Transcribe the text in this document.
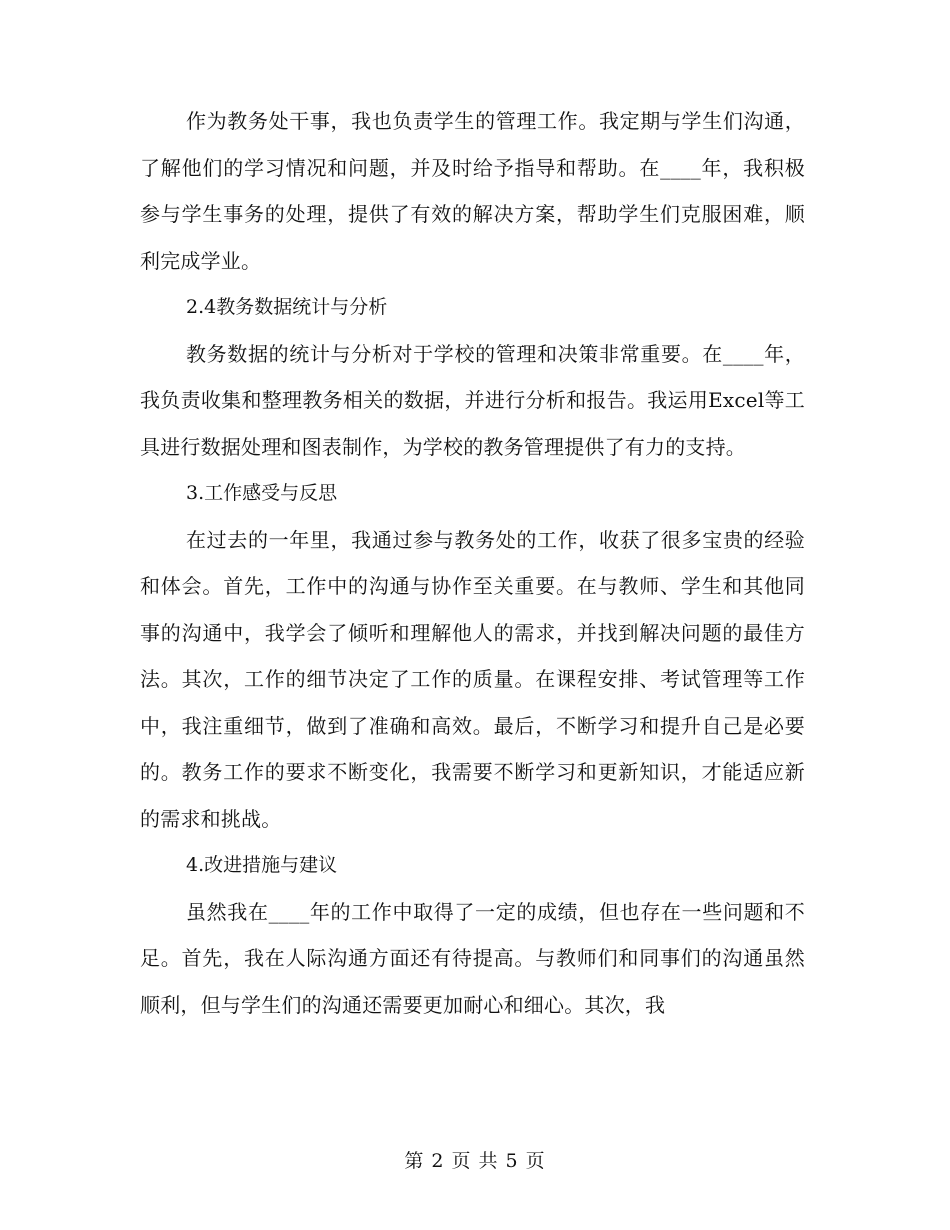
作为教务处干事，我也负责学生的管理工作。我定期与学生们沟通，了解他们的学习情况和问题，并及时给予指导和帮助。在____年，我积极参与学生事务的处理，提供了有效的解决方案，帮助学生们克服困难，顺利完成学业。

2.4教务数据统计与分析

教务数据的统计与分析对于学校的管理和决策非常重要。在____年，我负责收集和整理教务相关的数据，并进行分析和报告。我运用Excel等工具进行数据处理和图表制作，为学校的教务管理提供了有力的支持。

3.工作感受与反思

在过去的一年里，我通过参与教务处的工作，收获了很多宝贵的经验和体会。首先，工作中的沟通与协作至关重要。在与教师、学生和其他同事的沟通中，我学会了倾听和理解他人的需求，并找到解决问题的最佳方法。其次，工作的细节决定了工作的质量。在课程安排、考试管理等工作中，我注重细节，做到了准确和高效。最后，不断学习和提升自己是必要的。教务工作的要求不断变化，我需要不断学习和更新知识，才能适应新的需求和挑战。

4.改进措施与建议

虽然我在____年的工作中取得了一定的成绩，但也存在一些问题和不足。首先，我在人际沟通方面还有待提高。与教师们和同事们的沟通虽然顺利，但与学生们的沟通还需要更加耐心和细心。其次，我

第 2 页 共 5 页
